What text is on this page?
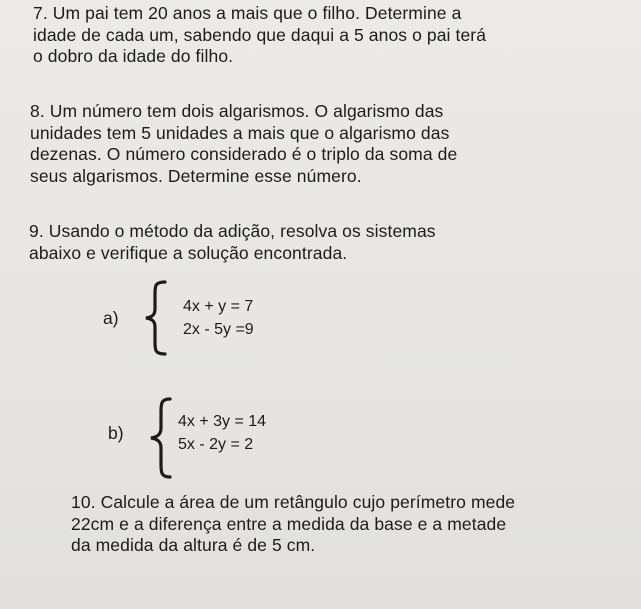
7. Um pai tem 20 anos a mais que o filho. Determine a
idade de cada um, sabendo que daqui a 5 anos o pai terá
o dobro da idade do filho.
8. Um número tem dois algarismos. O algarismo das
unidades tem 5 unidades a mais que o algarismo das
dezenas. O número considerado é o triplo da soma de
seus algarismos. Determine esse número.
9. Usando o método da adição, resolva os sistemas
abaixo e verifique a solução encontrada.
a)
4x + y = 7
2x - 5y =9
b)
4x + 3y = 14
5x - 2y = 2
10. Calcule a área de um retângulo cujo perímetro mede
22cm e a diferença entre a medida da base e a metade
da medida da altura é de 5 cm.
